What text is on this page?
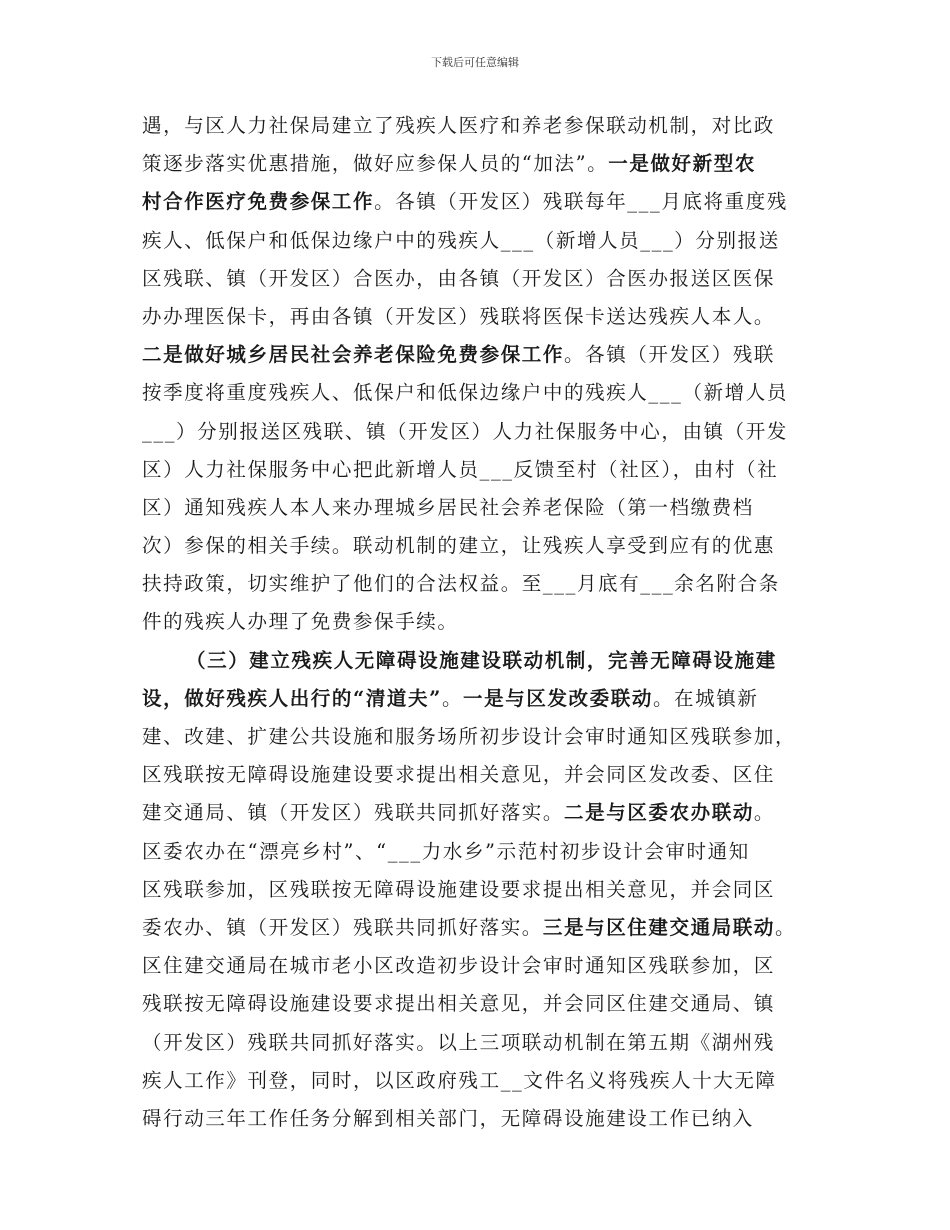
下载后可任意编辑
遇，与区人力社保局建立了残疾人医疗和养老参保联动机制，对比政
策逐步落实优惠措施，做好应参保人员的“加法”。一是做好新型农
村合作医疗免费参保工作。各镇（开发区）残联每年___月底将重度残
疾人、低保户和低保边缘户中的残疾人___（新增人员___）分别报送
区残联、镇（开发区）合医办，由各镇（开发区）合医办报送区医保
办办理医保卡，再由各镇（开发区）残联将医保卡送达残疾人本人。
二是做好城乡居民社会养老保险免费参保工作。各镇（开发区）残联
按季度将重度残疾人、低保户和低保边缘户中的残疾人___（新增人员
___）分别报送区残联、镇（开发区）人力社保服务中心，由镇（开发
区）人力社保服务中心把此新增人员___反馈至村（社区），由村（社
区）通知残疾人本人来办理城乡居民社会养老保险（第一档缴费档
次）参保的相关手续。联动机制的建立，让残疾人享受到应有的优惠
扶持政策，切实维护了他们的合法权益。至___月底有___余名附合条
件的残疾人办理了免费参保手续。
（三）建立残疾人无障碍设施建设联动机制，完善无障碍设施建
设，做好残疾人出行的“清道夫”。一是与区发改委联动。在城镇新
建、改建、扩建公共设施和服务场所初步设计会审时通知区残联参加，
区残联按无障碍设施建设要求提出相关意见，并会同区发改委、区住
建交通局、镇（开发区）残联共同抓好落实。二是与区委农办联动。
区委农办在“漂亮乡村”、“___力水乡”示范村初步设计会审时通知
区残联参加，区残联按无障碍设施建设要求提出相关意见，并会同区
委农办、镇（开发区）残联共同抓好落实。三是与区住建交通局联动。
区住建交通局在城市老小区改造初步设计会审时通知区残联参加，区
残联按无障碍设施建设要求提出相关意见，并会同区住建交通局、镇
（开发区）残联共同抓好落实。以上三项联动机制在第五期《湖州残
疾人工作》刊登，同时，以区政府残工__文件名义将残疾人十大无障
碍行动三年工作任务分解到相关部门，无障碍设施建设工作已纳入
